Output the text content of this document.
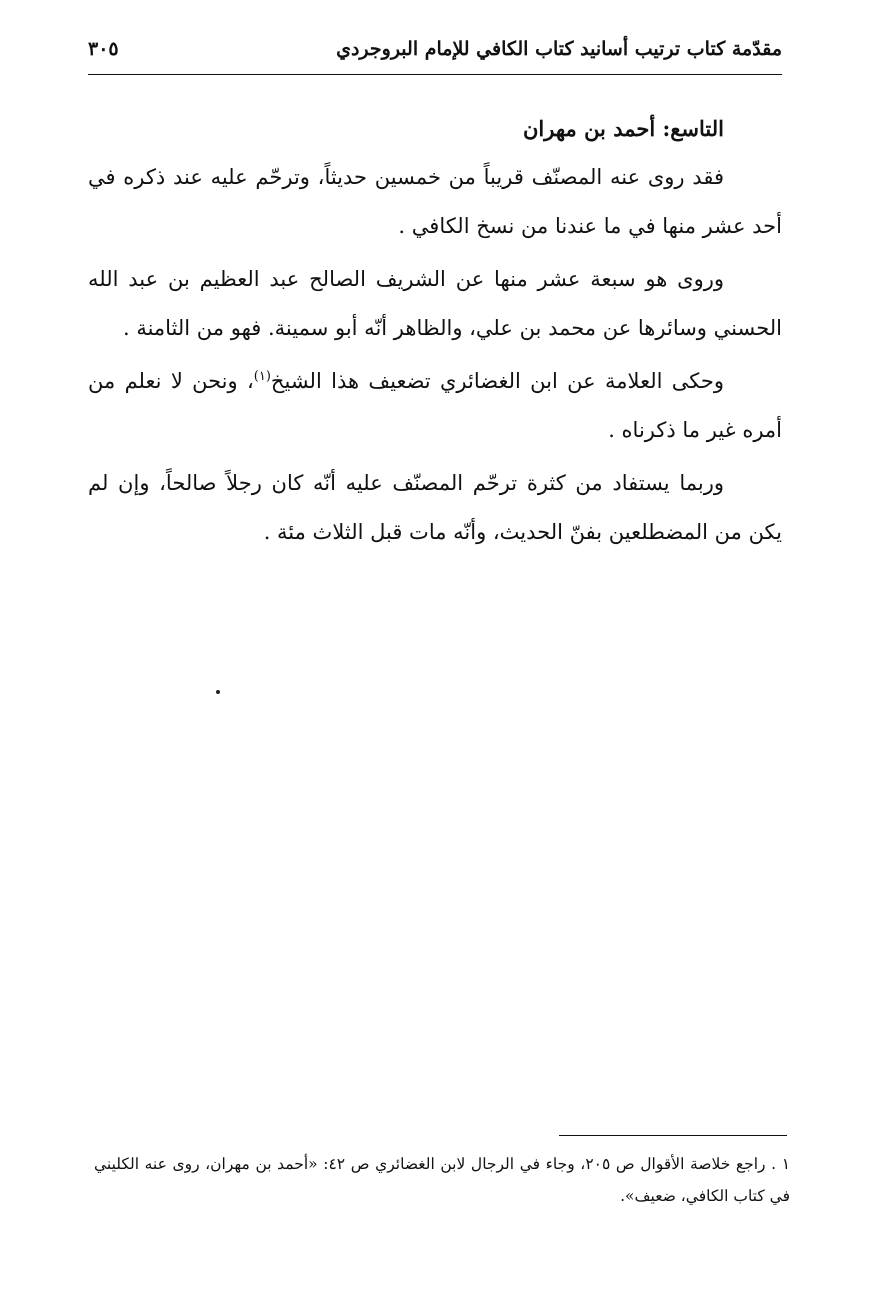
مقدّمة كتاب ترتيب أسانيد كتاب الكافي للإمام البروجردي
٣٠٥
التاسع: أحمد بن مهران

فقد روى عنه المصنّف قريباً من خمسين حديثاً، وترحّم عليه عند ذكره في أحد عشر منها في ما عندنا من نسخ الكافي .

وروى هو سبعة عشر منها عن الشريف الصالح عبد العظيم بن عبد الله الحسني وسائرها عن محمد بن علي، والظاهر أنّه أبو سمينة. فهو من الثامنة .

وحكى العلامة عن ابن الغضائري تضعيف هذا الشيخ$^{(١)}$، ونحن لا نعلم من أمره غير ما ذكرناه .

وربما يستفاد من كثرة ترحّم المصنّف عليه أنّه كان رجلاً صالحاً، وإن لم يكن من المضطلعين بفنّ الحديث، وأنّه مات قبل الثلاث مئة .

١ . راجع خلاصة الأقوال ص ٢٠٥، وجاء في الرجال لابن الغضائري ص ٤٢: «أحمد بن مهران، روى عنه الكليني في كتاب الكافي، ضعيف».
